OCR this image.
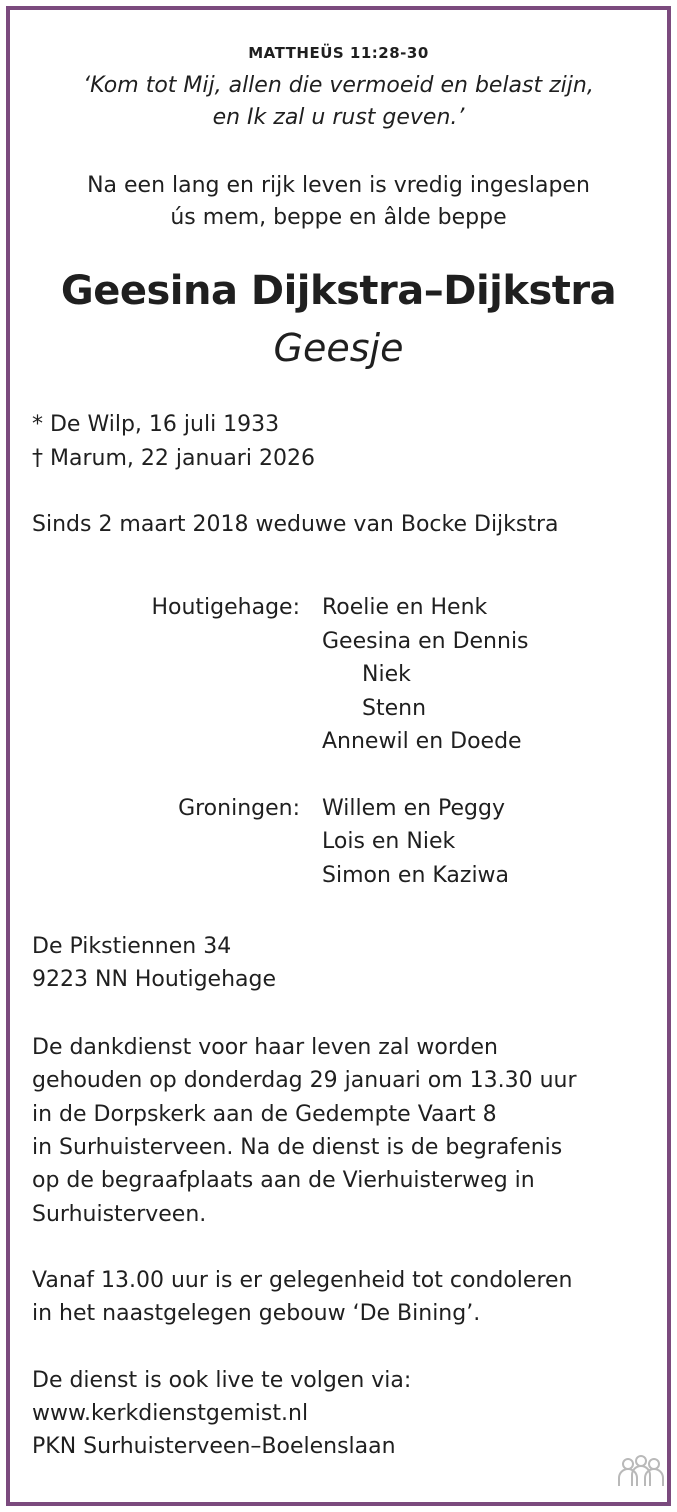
MATTHEÜS 11:28-30
‘Kom tot Mij, allen die vermoeid en belast zijn,
en Ik zal u rust geven.’
Na een lang en rijk leven is vredig ingeslapen
ús mem, beppe en âlde beppe
Geesina Dijkstra–Dijkstra
Geesje
* De Wilp, 16 juli 1933
† Marum, 22 januari 2026
Sinds 2 maart 2018 weduwe van Bocke Dijkstra
Houtigehage: Roelie en Henk
Geesina en Dennis
Niek
Stenn
Annewil en Doede
Groningen: Willem en Peggy
Lois en Niek
Simon en Kaziwa
De Pikstiennen 34
9223 NN Houtigehage
De dankdienst voor haar leven zal worden
gehouden op donderdag 29 januari om 13.30 uur
in de Dorpskerk aan de Gedempte Vaart 8
in Surhuisterveen. Na de dienst is de begrafenis
op de begraafplaats aan de Vierhuisterweg in
Surhuisterveen.
Vanaf 13.00 uur is er gelegenheid tot condoleren
in het naastgelegen gebouw ‘De Bining’.
De dienst is ook live te volgen via:
www.kerkdienstgemist.nl
PKN Surhuisterveen–Boelenslaan
